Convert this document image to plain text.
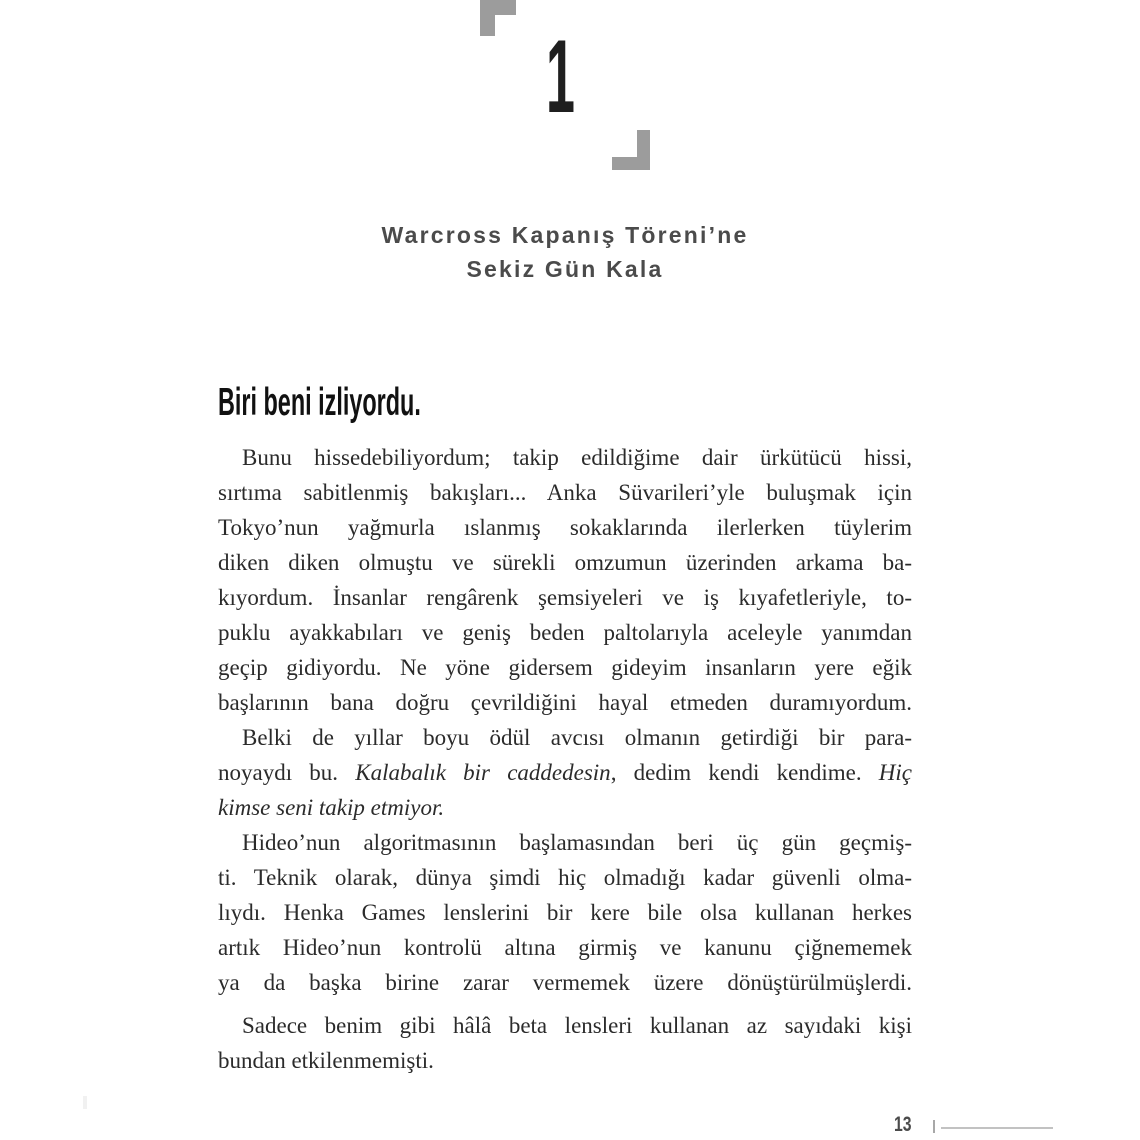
1
Warcross Kapanış Töreni’ne
Sekiz Gün Kala
Biri beni izliyordu.
Bunu hissedebiliyordum; takip edildiğime dair ürkütücü hissi,
sırtıma sabitlenmiş bakışları... Anka Süvarileri’yle buluşmak için
Tokyo’nun yağmurla ıslanmış sokaklarında ilerlerken tüylerim
diken diken olmuştu ve sürekli omzumun üzerinden arkama ba-
kıyordum. İnsanlar rengârenk şemsiyeleri ve iş kıyafetleriyle, to-
puklu ayakkabıları ve geniş beden paltolarıyla aceleyle yanımdan
geçip gidiyordu. Ne yöne gidersem gideyim insanların yere eğik
başlarının bana doğru çevrildiğini hayal etmeden duramıyordum.
Belki de yıllar boyu ödül avcısı olmanın getirdiği bir para-
noyaydı bu. Kalabalık bir caddedesin, dedim kendi kendime. Hiç
kimse seni takip etmiyor.
Hideo’nun algoritmasının başlamasından beri üç gün geçmiş-
ti. Teknik olarak, dünya şimdi hiç olmadığı kadar güvenli olma-
lıydı. Henka Games lenslerini bir kere bile olsa kullanan herkes
artık Hideo’nun kontrolü altına girmiş ve kanunu çiğnememek
ya da başka birine zarar vermemek üzere dönüştürülmüşlerdi.
Sadece benim gibi hâlâ beta lensleri kullanan az sayıdaki kişi
bundan etkilenmemişti.
13
